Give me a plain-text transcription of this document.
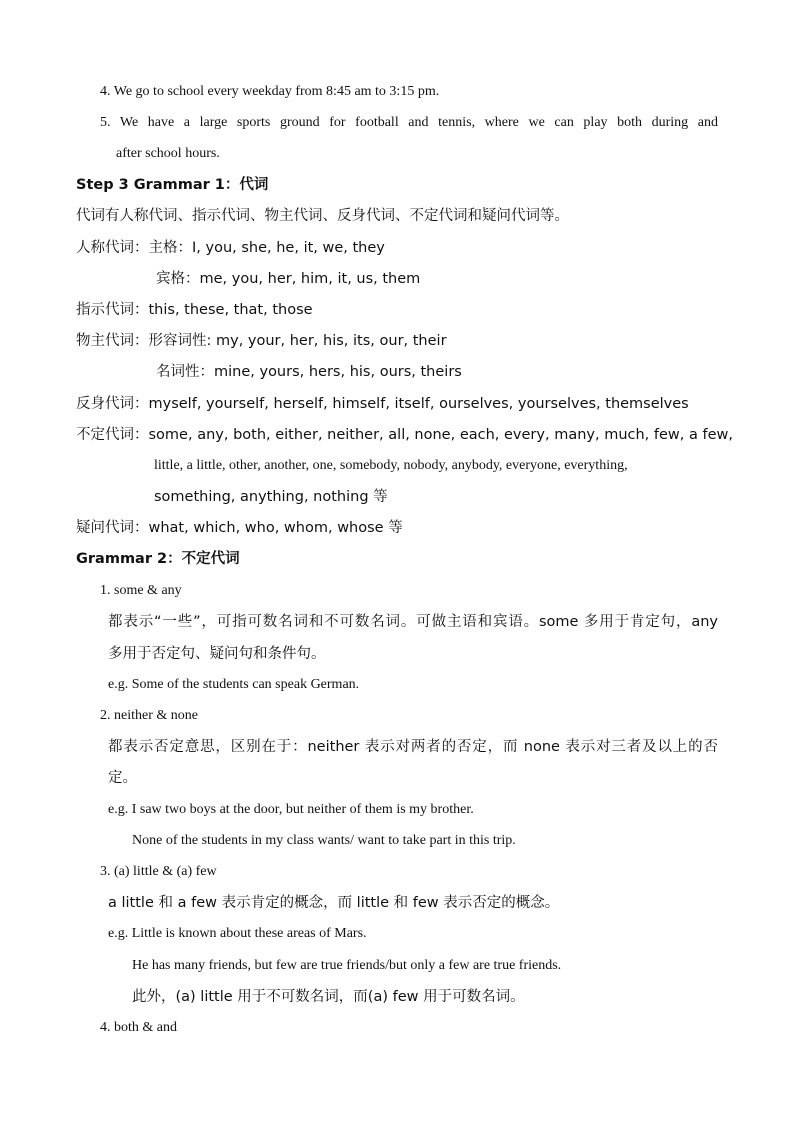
4. We go to school every weekday from 8:45 am to 3:15 pm.
5. We have a large sports ground for football and tennis, where we can play both during and
after school hours.
Step 3 Grammar 1：代词
代词有人称代词、指示代词、物主代词、反身代词、不定代词和疑问代词等。
人称代词：主格：I, you, she, he, it, we, they
宾格：me, you, her, him, it, us, them
指示代词：this, these, that, those
物主代词：形容词性: my, your, her, his, its, our, their
名词性：mine, yours, hers, his, ours, theirs
反身代词：myself, yourself, herself, himself, itself, ourselves, yourselves, themselves
不定代词：some, any, both, either, neither, all, none, each, every, many, much, few, a few,
little, a little, other, another, one, somebody, nobody, anybody, everyone, everything,
something, anything, nothing 等
疑问代词：what, which, who, whom, whose 等
Grammar 2：不定代词
1. some & any
都表示“一些”，可指可数名词和不可数名词。可做主语和宾语。some 多用于肯定句，any
多用于否定句、疑问句和条件句。
e.g. Some of the students can speak German.
2. neither & none
都表示否定意思，区别在于：neither 表示对两者的否定，而 none 表示对三者及以上的否
定。
e.g. I saw two boys at the door, but neither of them is my brother.
None of the students in my class wants/ want to take part in this trip.
3. (a) little & (a) few
a little 和 a few 表示肯定的概念，而 little 和 few 表示否定的概念。
e.g. Little is known about these areas of Mars.
He has many friends, but few are true friends/but only a few are true friends.
此外，(a) little 用于不可数名词，而(a) few 用于可数名词。
4. both & and
